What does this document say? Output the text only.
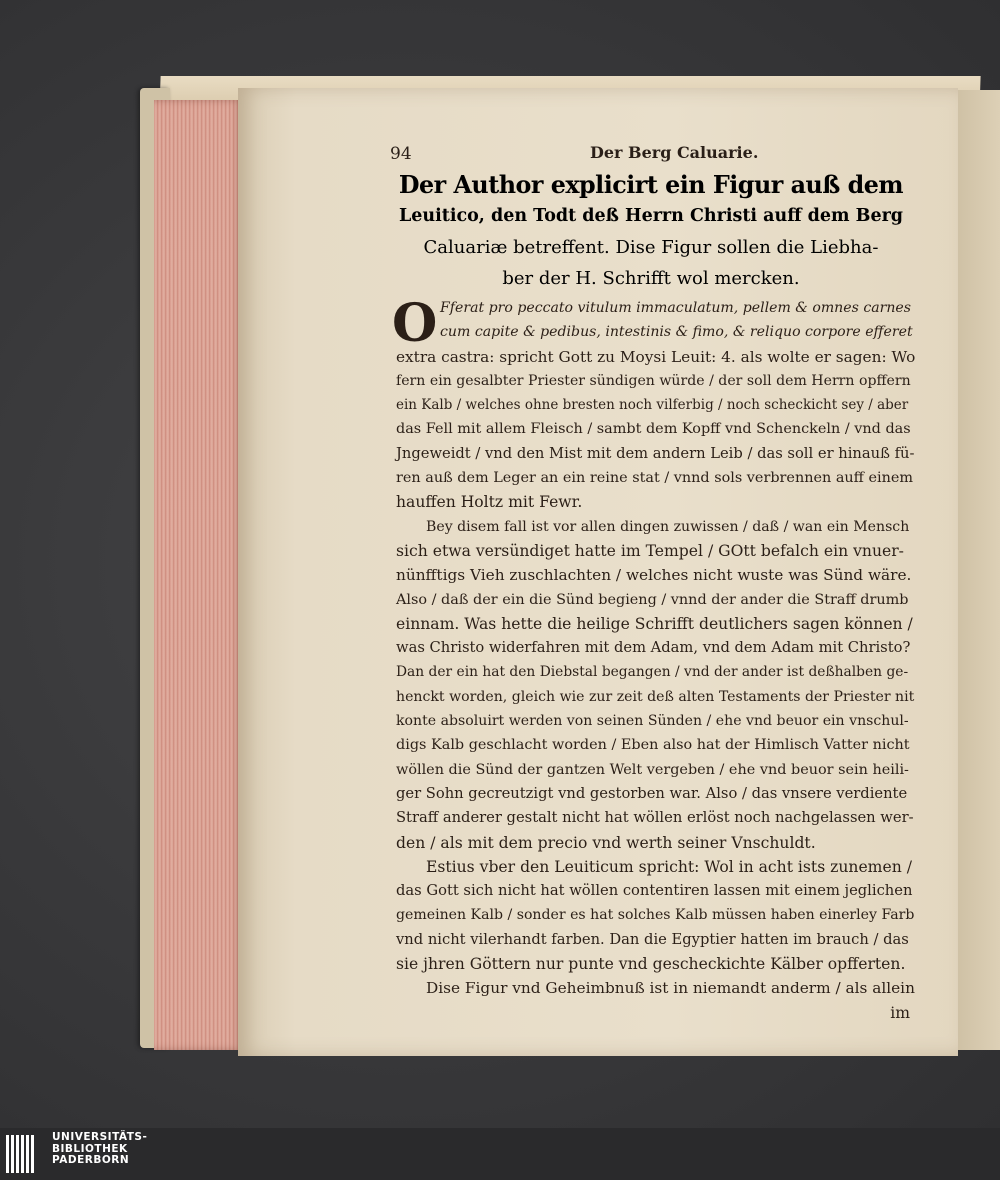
94	Der Berg Caluarie.
Der Author explicirt ein Figur auß dem
Leuitico, den Todt deß Herrn Christi auff dem Berg
Caluariæ betreffent. Dise Figur sollen die Liebha-
ber der H. Schrifft wol mercken.
O Fferat pro peccato vitulum immaculatum, pellem & omnes carnes
cum capite & pedibus, intestinis & fimo, & reliquo corpore efferet
extra castra: spricht Gott zu Moysi Leuit: 4. als wolte er sagen: Wo
fern ein gesalbter Priester sündigen würde / der soll dem Herrn opffern
ein Kalb / welches ohne bresten noch vilferbig / noch scheckicht sey / aber
das Fell mit allem Fleisch / sambt dem Kopff vnd Schenckeln / vnd das
Jngeweidt / vnd den Mist mit dem andern Leib / das soll er hinauß fü-
ren auß dem Leger an ein reine stat / vnnd sols verbrennen auff einem
hauffen Holtz mit Fewr.
Bey disem fall ist vor allen dingen zuwissen / daß / wan ein Mensch
sich etwa versündiget hatte im Tempel / GOtt befalch ein vnuer-
nünfftigs Vieh zuschlachten / welches nicht wuste was Sünd wäre.
Also / daß der ein die Sünd begieng / vnnd der ander die Straff drumb
einnam. Was hette die heilige Schrifft deutlichers sagen können /
was Christo widerfahren mit dem Adam, vnd dem Adam mit Christo?
Dan der ein hat den Diebstal begangen / vnd der ander ist deßhalben ge-
henckt worden, gleich wie zur zeit deß alten Testaments der Priester nit
konte absoluirt werden von seinen Sünden / ehe vnd beuor ein vnschul-
digs Kalb geschlacht worden / Eben also hat der Himlisch Vatter nicht
wöllen die Sünd der gantzen Welt vergeben / ehe vnd beuor sein heili-
ger Sohn gecreutzigt vnd gestorben war. Also / das vnsere verdiente
Straff anderer gestalt nicht hat wöllen erlöst noch nachgelassen wer-
den / als mit dem precio vnd werth seiner Vnschuldt.
Estius vber den Leuiticum spricht: Wol in acht ists zunemen /
das Gott sich nicht hat wöllen contentiren lassen mit einem jeglichen
gemeinen Kalb / sonder es hat solches Kalb müssen haben einerley Farb
vnd nicht vilerhandt farben. Dan die Egyptier hatten im brauch / das
sie jhren Göttern nur punte vnd gescheckichte Kälber opfferten.
Dise Figur vnd Geheimbnuß ist in niemandt anderm / als allein
im
UNIVERSITÄTS-
BIBLIOTHEK
PADERBORN
